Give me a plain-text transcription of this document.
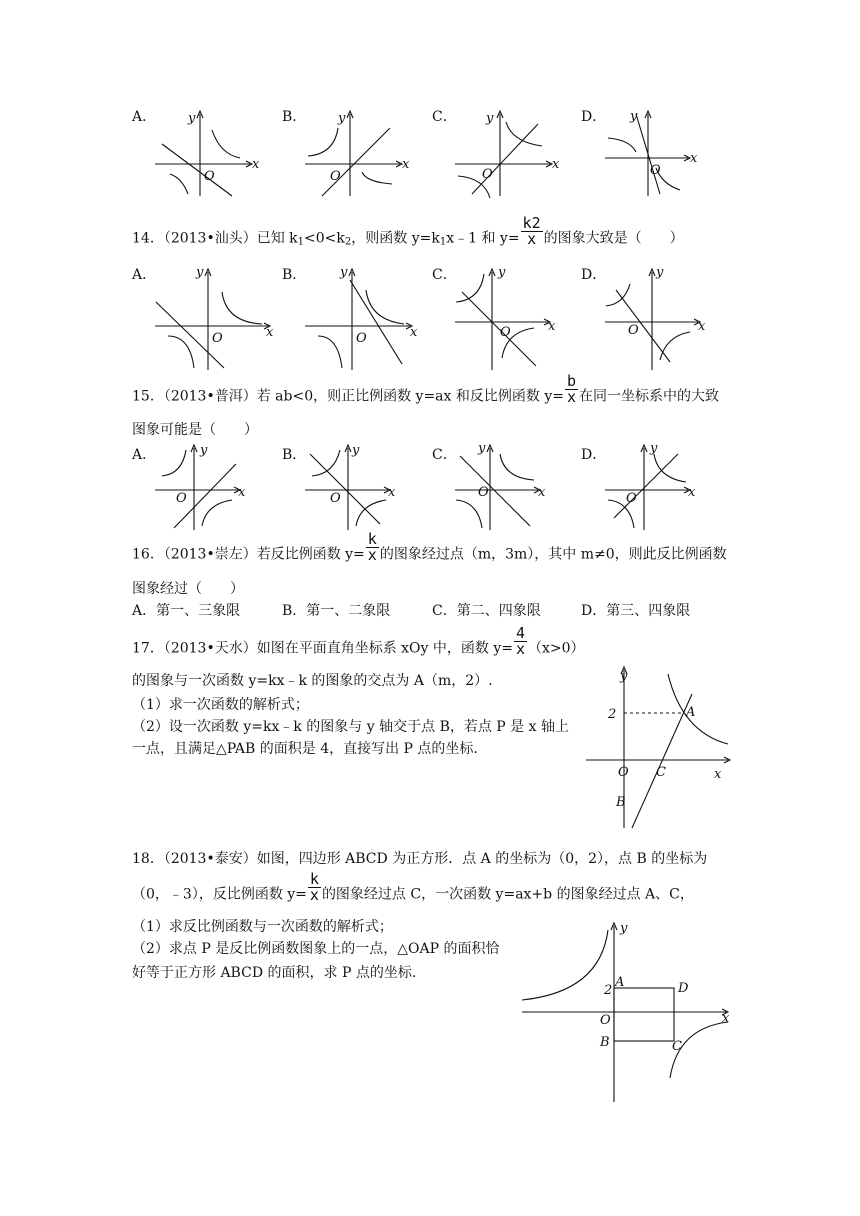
A．	B．	C．	D．
x
y
O
x
y
O
x
y
O
x
y
O
14．（2013•汕头）已知 $k_1<0<k_2$，则函数 $y=k_1x﹣1$ 和 $y= \frac{k2}{x}$ 的图象大致是（　　）
A．	B．	C．	D．
x
y
O	x
y
O
x
y
O	x
y
O
15．（2013•普洱）若 ab<0，则正比例函数 y=ax 和反比例函数 $y= \frac{b}{x}$ 在同一坐标系中的大致
图象可能是（　　）
A．	B．	C．	D．
x
y
O	x
y
O	x
y
O	x
y
O
16．（2013•崇左）若反比例函数 $y= \frac{k}{x}$ 的图象经过点（m，3m），其中 m≠0，则此反比例函数
图象经过（　　）
A．第一、三象限	B．第一、二象限	C．第二、四象限	D．第三、四象限
17．（2013•天水）如图在平面直角坐标系 xOy 中，函数 $y= \frac{4}{x} (x>0)$
的图象与一次函数 y=kx﹣k 的图象的交点为 A（m，2）.
（1）求一次函数的解析式；
（2）设一次函数 y=kx﹣k 的图象与 y 轴交于点 B，若点 P 是 x 轴上
一点，且满足△PAB 的面积是 4，直接写出 P 点的坐标.
y
x
2	A
O C
B
18．（2013•泰安）如图，四边形 ABCD 为正方形．点 A 的坐标为（0，2），点 B 的坐标为
（0，﹣3），反比例函数 $y= \frac{k}{x}$ 的图象经过点 C，一次函数 y=ax+b 的图象经过点 A、C，
（1）求反比例函数与一次函数的解析式；
（2）求点 P 是反比例函数图象上的一点，△OAP 的面积恰
好等于正方形 ABCD 的面积，求 P 点的坐标.
y
x
2
A	D
O
B	C
